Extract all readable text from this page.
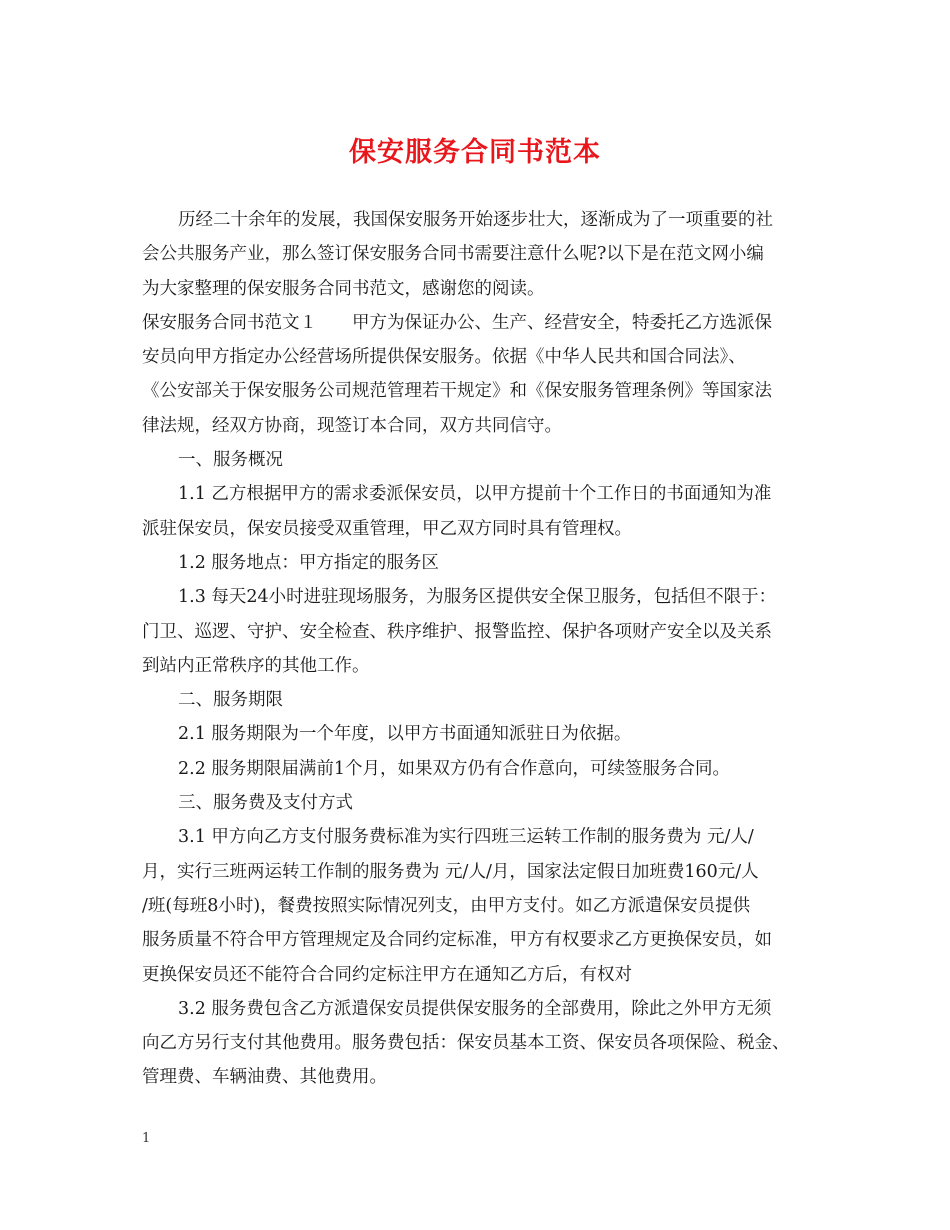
保安服务合同书范本
历经二十余年的发展，我国保安服务开始逐步壮大，逐渐成为了一项重要的社
会公共服务产业，那么签订保安服务合同书需要注意什么呢?以下是在范文网小编
为大家整理的保安服务合同书范文，感谢您的阅读。
保安服务合同书范文１　　甲方为保证办公、生产、经营安全，特委托乙方选派保
安员向甲方指定办公经营场所提供保安服务。依据《中华人民共和国合同法》、
《公安部关于保安服务公司规范管理若干规定》和《保安服务管理条例》等国家法
律法规，经双方协商，现签订本合同，双方共同信守。
一、服务概况
1.1 乙方根据甲方的需求委派保安员，以甲方提前十个工作日的书面通知为准
派驻保安员，保安员接受双重管理，甲乙双方同时具有管理权。
1.2 服务地点：甲方指定的服务区
1.3 每天24小时进驻现场服务，为服务区提供安全保卫服务，包括但不限于：
门卫、巡逻、守护、安全检查、秩序维护、报警监控、保护各项财产安全以及关系
到站内正常秩序的其他工作。
二、服务期限
2.1 服务期限为一个年度，以甲方书面通知派驻日为依据。
2.2 服务期限届满前1个月，如果双方仍有合作意向，可续签服务合同。
三、服务费及支付方式
3.1 甲方向乙方支付服务费标准为实行四班三运转工作制的服务费为 元/人/
月，实行三班两运转工作制的服务费为 元/人/月，国家法定假日加班费160元/人
/班(每班8小时)，餐费按照实际情况列支，由甲方支付。如乙方派遣保安员提供
服务质量不符合甲方管理规定及合同约定标准，甲方有权要求乙方更换保安员，如
更换保安员还不能符合合同约定标注甲方在通知乙方后，有权对
3.2 服务费包含乙方派遣保安员提供保安服务的全部费用，除此之外甲方无须
向乙方另行支付其他费用。服务费包括：保安员基本工资、保安员各项保险、税金、
管理费、车辆油费、其他费用。
1
